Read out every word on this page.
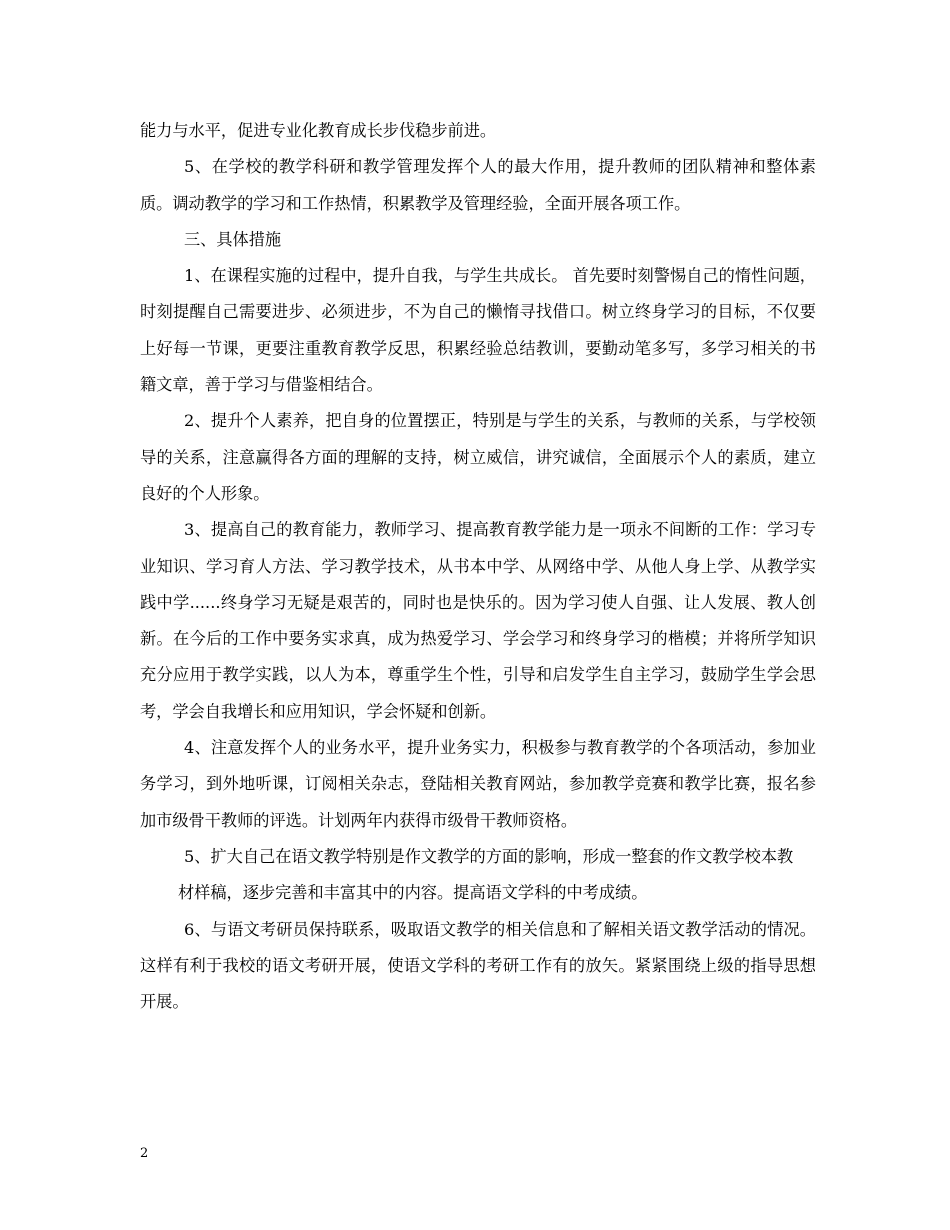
能力与水平，促进专业化教育成长步伐稳步前进。

5、在学校的教学科研和教学管理发挥个人的最大作用，提升教师的团队精神和整体素质。调动教学的学习和工作热情，积累教学及管理经验，全面开展各项工作。

三、具体措施

1、在课程实施的过程中，提升自我，与学生共成长。 首先要时刻警惕自己的惰性问题，时刻提醒自己需要进步、必须进步，不为自己的懒惰寻找借口。树立终身学习的目标，不仅要上好每一节课，更要注重教育教学反思，积累经验总结教训，要勤动笔多写，多学习相关的书籍文章，善于学习与借鉴相结合。

2、提升个人素养，把自身的位置摆正，特别是与学生的关系，与教师的关系，与学校领导的关系，注意赢得各方面的理解的支持，树立威信，讲究诚信，全面展示个人的素质，建立良好的个人形象。

3、提高自己的教育能力，教师学习、提高教育教学能力是一项永不间断的工作：学习专业知识、学习育人方法、学习教学技术，从书本中学、从网络中学、从他人身上学、从教学实践中学......终身学习无疑是艰苦的，同时也是快乐的。因为学习使人自强、让人发展、教人创新。在今后的工作中要务实求真，成为热爱学习、学会学习和终身学习的楷模；并将所学知识充分应用于教学实践，以人为本，尊重学生个性，引导和启发学生自主学习，鼓励学生学会思考，学会自我增长和应用知识，学会怀疑和创新。

4、注意发挥个人的业务水平，提升业务实力，积极参与教育教学的个各项活动，参加业务学习，到外地听课，订阅相关杂志，登陆相关教育网站，参加教学竞赛和教学比赛，报名参加市级骨干教师的评选。计划两年内获得市级骨干教师资格。

5、扩大自己在语文教学特别是作文教学的方面的影响，形成一整套的作文教学校本教

材样稿，逐步完善和丰富其中的内容。提高语文学科的中考成绩。

6、与语文考研员保持联系，吸取语文教学的相关信息和了解相关语文教学活动的情况。这样有利于我校的语文考研开展，使语文学科的考研工作有的放矢。紧紧围绕上级的指导思想开展。

2
